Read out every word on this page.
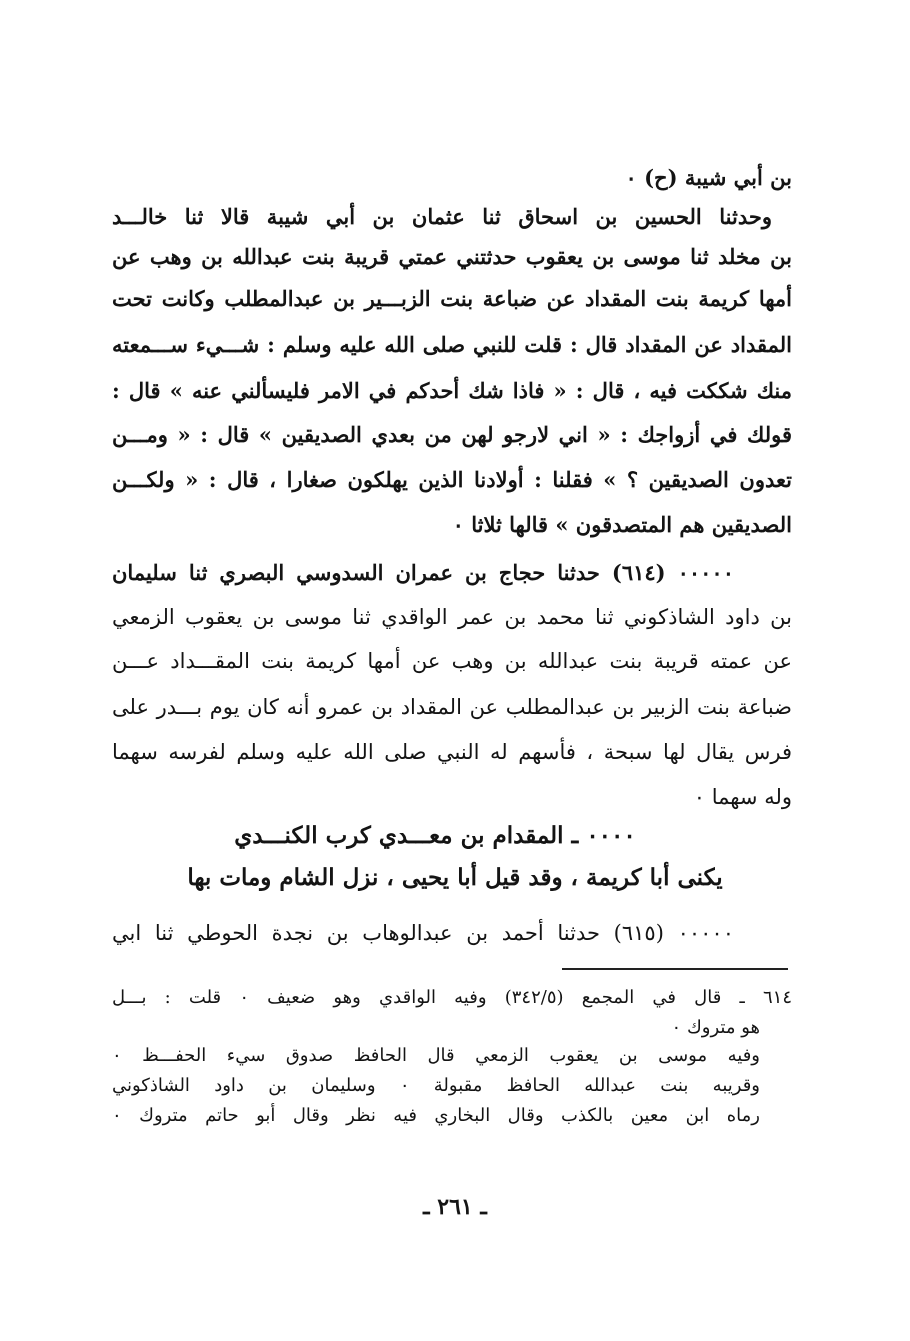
بن أبي شيبة (ح) ٠
وحدثنا الحسين بن اسحاق ثنا عثمان بن أبي شيبة قالا ثنا خالـــد
بن مخلد ثنا موسى بن يعقوب حدثتني عمتي قريبة بنت عبدالله بن وهب عن
أمها كريمة بنت المقداد عن ضباعة بنت الزبـــير بن عبدالمطلب وكانت تحت
المقداد عن المقداد قال : قلت للنبي صلى الله عليه وسلم : شـــيء ســـمعته
منك شككت فيه ، قال : « فاذا شك أحدكم في الامر فليسألني عنه » قال :
قولك في أزواجك : « اني لارجو لهن من بعدي الصديقين » قال : « ومـــن
تعدون الصديقين ؟ » فقلنا : أولادنا الذين يهلكون صغارا ، قال : « ولكـــن
الصديقين هم المتصدقون » قالها ثلاثا ٠
٠٠٠٠٠ (٦١٤) حدثنا حجاج بن عمران السدوسي البصري ثنا سليمان
بن داود الشاذكوني ثنا محمد بن عمر الواقدي ثنا موسى بن يعقوب الزمعي
عن عمته قريبة بنت عبدالله بن وهب عن أمها كريمة بنت المقـــداد عـــن
ضباعة بنت الزبير بن عبدالمطلب عن المقداد بن عمرو أنه كان يوم بـــدر على
فرس يقال لها سبحة ، فأسهم له النبي صلى الله عليه وسلم لفرسه سهما
وله سهما ٠
٠٠٠٠ ـ المقدام بن معـــدي كرب الكنـــدي
يكنى أبا كريمة ، وقد قيل أبا يحيى ، نزل الشام ومات بها
٠٠٠٠٠ (٦١٥) حدثنا أحمد بن عبدالوهاب بن نجدة الحوطي ثنا ابي
٦١٤ ـ قال في المجمع (٣٤٢/٥) وفيه الواقدي وهو ضعيف ٠ قلت : بـــل
هو متروك ٠
وفيه موسى بن يعقوب الزمعي قال الحافظ صدوق سيء الحفـــظ ٠
وقريبه بنت عبدالله الحافظ مقبولة ٠ وسليمان بن داود الشاذكوني
رماه ابن معين بالكذب وقال البخاري فيه نظر وقال أبو حاتم متروك ٠
ـ ٢٦١ ـ
